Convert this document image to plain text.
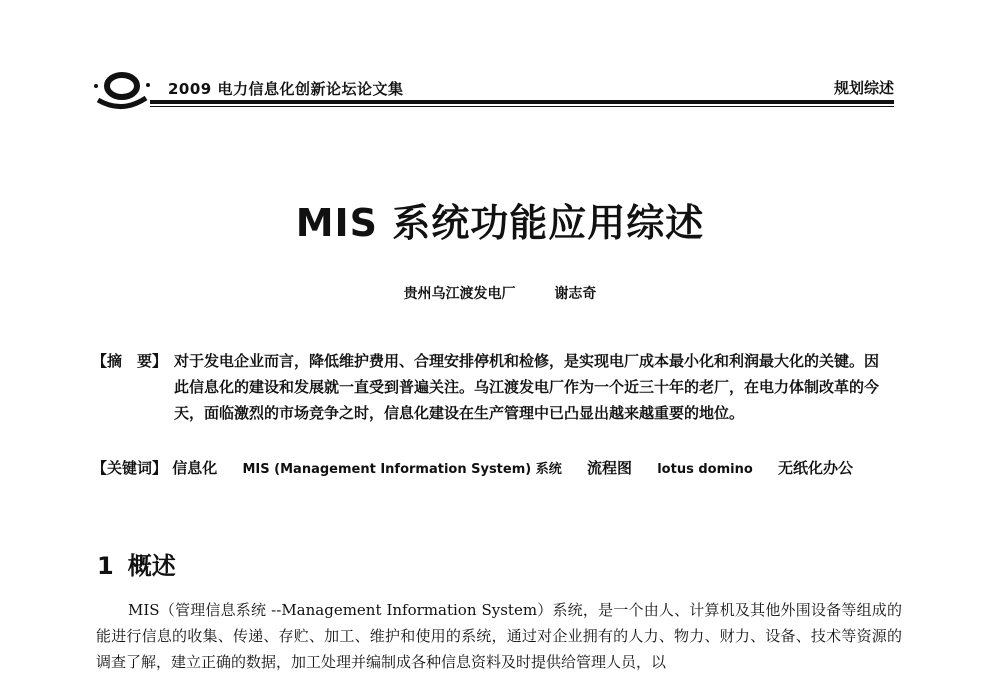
2009 电力信息化创新论坛论文集	规划综述
MIS 系统功能应用综述
贵州乌江渡发电厂	谢志奇
【摘　要】 对于发电企业而言，降低维护费用、合理安排停机和检修，是实现电厂成本最小化和利润最大化的关键。因此信息化的建设和发展就一直受到普遍关注。乌江渡发电厂作为一个近三十年的老厂，在电力体制改革的今天，面临激烈的市场竞争之时，信息化建设在生产管理中已凸显出越来越重要的地位。
【关键词】 信息化 MIS (Management Information System) 系统 流程图 lotus domino 无纸化办公
1 概述
MIS（管理信息系统 --Management Information System）系统，是一个由人、计算机及其他外围设备等组成的能进行信息的收集、传递、存贮、加工、维护和使用的系统，通过对企业拥有的人力、物力、财力、设备、技术等资源的调查了解，建立正确的数据，加工处理并编制成各种信息资料及时提供给管理人员，以
